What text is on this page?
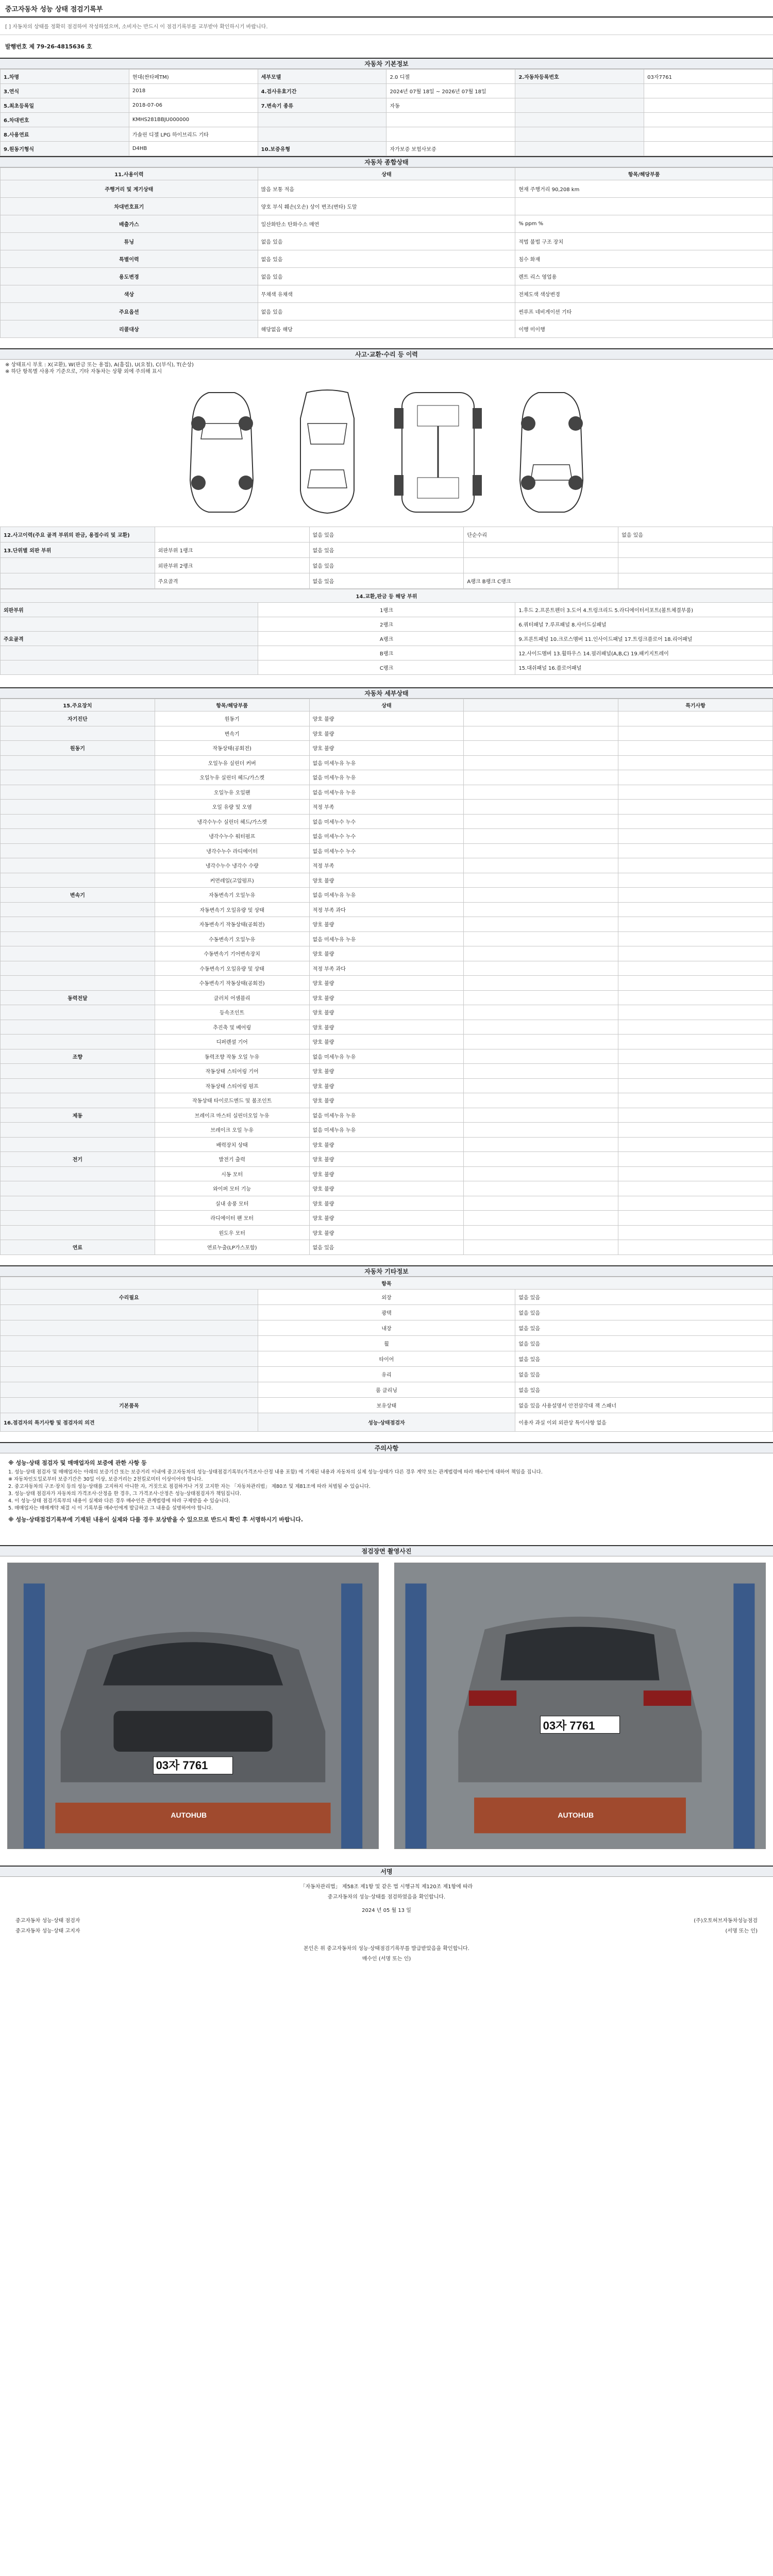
중고자동차 성능 상태 점검기록부
[ ] 자동차의 상태를 정확히 점검하여 작성하였으며, 소비자는 반드시 이 점검기록부를 교부받아 확인하시기 바랍니다.
발행번호 제 79-26-4815636 호
자동차 기본정보
1.차명	현대(싼타페TM)	세부모델	2.0 디젤	2.자동차등록번호	03자7761
3.연식	2018	4.검사유효기간	2024년 07월 18일 ~ 2026년 07월 18일		
5.최초등록일	2018-07-06	7.변속기 종류	자동		
6.차대번호	KMHS281BBJU000000				
8.사용연료	가솔린 디젤 LPG 하이브리드 기타				
9.원동기형식	D4HB	10.보증유형	자가보증 보험사보증		
자동차 종합상태
11.사용이력	상태	항목/해당부품
주행거리 및 계기상태	많음 보통 적음	현재 주행거리 90,208 km
차대번호표기	양호 부식 훼손(오손) 상이 변조(변타) 도말	
배출가스	일산화탄소 탄화수소 매연	% ppm %
튜닝	없음 있음	적법 불법 구조 장치
특별이력	없음 있음	침수 화재
용도변경	없음 있음	렌트 리스 영업용
색상	무채색 유채색	전체도색 색상변경
주요옵션	없음 있음	썬루프 네비게이션 기타
리콜대상	해당없음 해당	이행 미이행
사고·교환·수리 등 이력
※ 상태표시 부호 : X(교환), W(판금 또는 용접), A(흠집), U(요철), C(부식), T(손상)
※ 하단 항목별 사용자 기준으로, 기타 자동차는 상황 외에 주의해 표시
12.사고이력(주요 골격 부위의 판금, 용접수리 및 교환)		없음 있음	단순수리	없음 있음
13.단위별 외판 부위	외판부위 1랭크	없음 있음		
	외판부위 2랭크	없음 있음		
	주요골격	없음 있음	A랭크 B랭크 C랭크	
14.교환,판금 등 해당 부위		
외판부위	1랭크	1.후드 2.프론트펜더 3.도어 4.트렁크리드 5.라디에이터서포트(볼트체결부품)
	2랭크	6.쿼터패널 7.루프패널 8.사이드실패널
주요골격	A랭크	9.프론트패널 10.크로스멤버 11.인사이드패널 17.트렁크플로어 18.리어패널
	B랭크	12.사이드멤버 13.휠하우스 14.필러패널(A,B,C) 19.패키지트레이
	C랭크	15.대쉬패널 16.플로어패널
자동차 세부상태
15.주요장치	항목/해당부품	상태		특기사항
자기진단	원동기	양호 불량		
	변속기	양호 불량		
원동기	작동상태(공회전)	양호 불량		
	오일누유 실린더 커버	없음 미세누유 누유		
	오일누유 실린더 헤드/가스켓	없음 미세누유 누유		
	오일누유 오일팬	없음 미세누유 누유		
	오일 유량 및 오염	적정 부족		
	냉각수누수 실린더 헤드/가스켓	없음 미세누수 누수		
	냉각수누수 워터펌프	없음 미세누수 누수		
	냉각수누수 라디에이터	없음 미세누수 누수		
	냉각수누수 냉각수 수량	적정 부족		
	커먼레일(고압펌프)	양호 불량		
변속기	자동변속기 오일누유	없음 미세누유 누유		
	자동변속기 오일유량 및 상태	적정 부족 과다		
	자동변속기 작동상태(공회전)	양호 불량		
	수동변속기 오일누유	없음 미세누유 누유		
	수동변속기 기어변속장치	양호 불량		
	수동변속기 오일유량 및 상태	적정 부족 과다		
	수동변속기 작동상태(공회전)	양호 불량		
동력전달	클러치 어셈블리	양호 불량		
	등속조인트	양호 불량		
	추진축 및 베어링	양호 불량		
	디퍼렌셜 기어	양호 불량		
조향	동력조향 작동 오일 누유	없음 미세누유 누유		
	작동상태 스티어링 기어	양호 불량		
	작동상태 스티어링 펌프	양호 불량		
	작동상태 타이로드엔드 및 볼조인트	양호 불량		
제동	브레이크 마스터 실린더오일 누유	없음 미세누유 누유		
	브레이크 오일 누유	없음 미세누유 누유		
	배력장치 상태	양호 불량		
전기	발전기 출력	양호 불량		
	시동 모터	양호 불량		
	와이퍼 모터 기능	양호 불량		
	실내 송풍 모터	양호 불량		
	라디에이터 팬 모터	양호 불량		
	윈도우 모터	양호 불량		
연료	연료누출(LP가스포함)	없음 있음		
자동차 기타정보
항목		
수리필요	외장	없음 있음
	광택	없음 있음
	내장	없음 있음
	휠	없음 있음
	타이어	없음 있음
	유리	없음 있음
	룸 클리닝	없음 있음
기본품목	보유상태	없음 있음 사용설명서 안전삼각대 잭 스패너
16.점검자의 특기사항 및 점검자의 의견	성능·상태점검자	이용자 과실 이외 외관상 특이사항 없음
주의사항
※ 성능·상태 점검자 및 매매업자의 보증에 관한 사항 등
1. 성능·상태 점검자 및 매매업자는 아래의 보증기간 또는 보증거리 이내에 중고자동차의 성능·상태점검기록부(가격조사·산정 내용 포함) 에 기재된 내용과 자동차의 실제 성능·상태가 다른 경우 계약 또는 관계법령에 따라 매수인에 대하여 책임을 집니다.
※ 자동차인도일로부터 보증기간은 30일 이상, 보증거리는 2천킬로미터 이상이어야 합니다.
2. 중고자동차의 구조·장치 등의 성능·상태를 고지하지 아니한 자, 거짓으로 점검하거나 거짓 고지한 자는 「자동차관리법」 제80조 및 제81조에 따라 처벌될 수 있습니다.
3. 성능·상태 점검자가 자동차의 가격조사·산정을 한 경우, 그 가격조사·산정은 성능·상태점검자가 책임집니다.
4. 이 성능·상태 점검기록부의 내용이 실제와 다른 경우 매수인은 관계법령에 따라 구제받을 수 있습니다.
5. 매매업자는 매매계약 체결 시 이 기록부를 매수인에게 발급하고 그 내용을 설명하여야 합니다.
※ 성능·상태점검기록부에 기재된 내용이 실제와 다를 경우 보상받을 수 있으므로 반드시 확인 후 서명하시기 바랍니다.
점검장면 촬영사진
03자 7761
AUTOHUB
03자 7761
AUTOHUB
서명
「자동차관리법」 제58조 제1항 및 같은 법 시행규칙 제120조 제1항에 따라
중고자동차의 성능·상태를 점검하였음을 확인합니다.
2024 년 05 월 13 일
중고자동차 성능·상태 점검자	(주)오토허브자동차성능점검
중고자동차 성능·상태 고지자	(서명 또는 인)
본인은 위 중고자동차의 성능·상태점검기록부를 발급받았음을 확인합니다.
매수인 (서명 또는 인)
